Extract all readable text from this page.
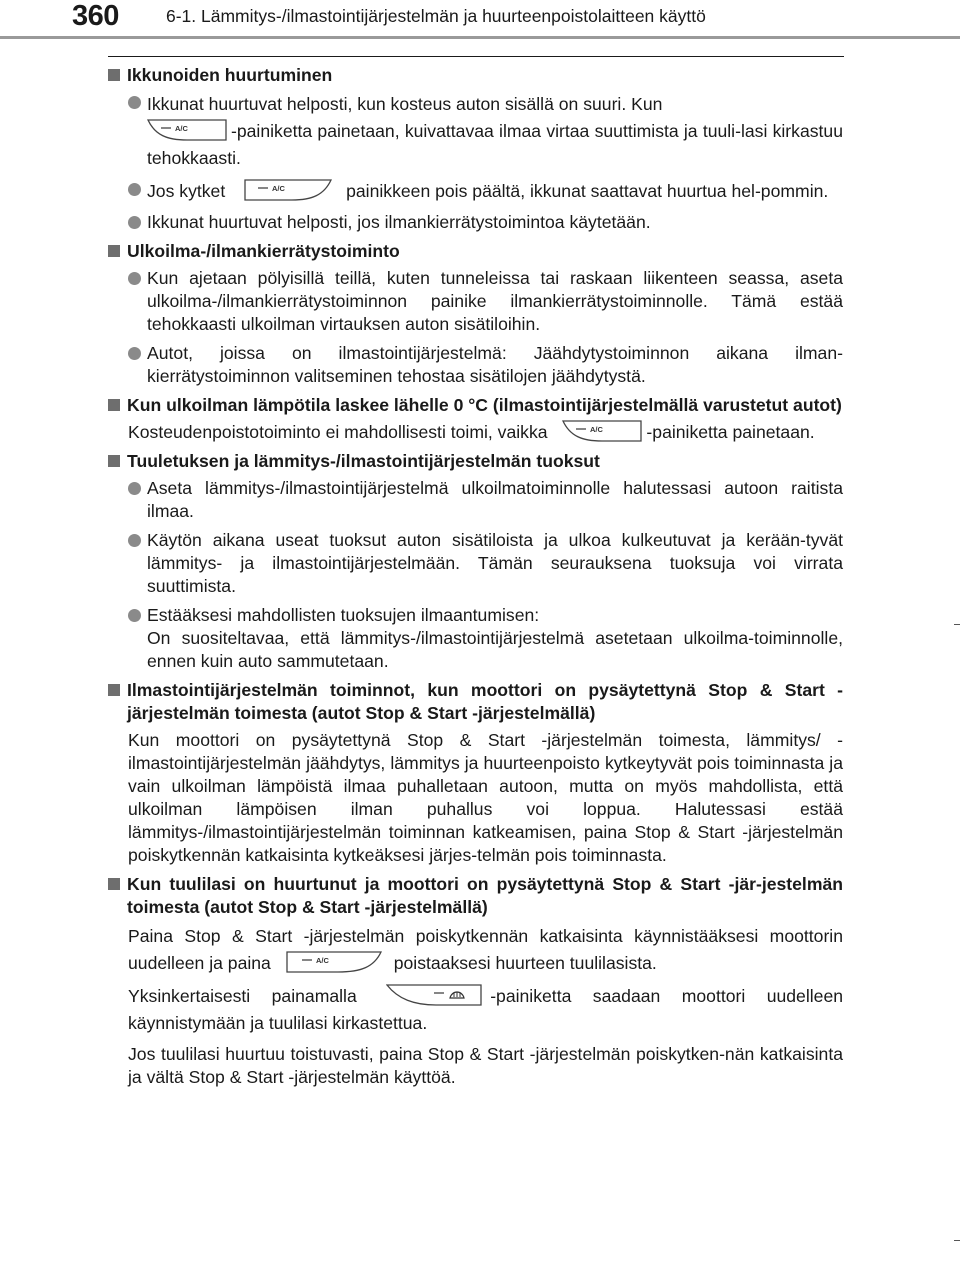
360	6-1. Lämmitys-/ilmastointijärjestelmän ja huurteenpoistolaitteen käyttö
Ikkunoiden huurtuminen
Ikkunat huurtuvat helposti, kun kosteus auton sisällä on suuri. Kun

A/C -painiketta painetaan, kuivattavaa ilmaa virtaa suuttimista ja tuuli-lasi kirkastuu tehokkaasti.
Jos kytket	A/C	painikkeen pois päältä, ikkunat saattavat huurtua hel-pommin.
Ikkunat huurtuvat helposti, jos ilmankierrätystoimintoa käytetään.
Ulkoilma-/ilmankierrätystoiminto
Kun ajetaan pölyisillä teillä, kuten tunneleissa tai raskaan liikenteen seassa, aseta ulkoilma-/ilmankierrätystoiminnon painike ilmankierrätystoiminnolle. Tämä estää tehokkaasti ulkoilman virtauksen auton sisätiloihin.
Autot, joissa on ilmastointijärjestelmä: Jäähdytystoiminnon aikana ilman-kierrätystoiminnon valitseminen tehostaa sisätilojen jäähdytystä.
Kun ulkoilman lämpötila laskee lähelle 0 °C (ilmastointijärjestelmällä varustetut autot)
Kosteudenpoistotoiminto ei mahdollisesti toimi, vaikka	A/C -painiketta painetaan.
Tuuletuksen ja lämmitys-/ilmastointijärjestelmän tuoksut
Aseta lämmitys-/ilmastointijärjestelmä ulkoilmatoiminnolle halutessasi autoon raitista ilmaa.
Käytön aikana useat tuoksut auton sisätiloista ja ulkoa kulkeutuvat ja kerään-tyvät lämmitys- ja ilmastointijärjestelmään. Tämän seurauksena tuoksuja voi virrata suuttimista.
Estääksesi mahdollisten tuoksujen ilmaantumisen:
On suositeltavaa, että lämmitys-/ilmastointijärjestelmä asetetaan ulkoilma-toiminnolle, ennen kuin auto sammutetaan.
Ilmastointijärjestelmän toiminnot, kun moottori on pysäytettynä Stop & Start -järjestelmän toimesta (autot Stop & Start -järjestelmällä)
Kun moottori on pysäytettynä Stop & Start -järjestelmän toimesta, lämmitys/ -ilmastointijärjestelmän jäähdytys, lämmitys ja huurteenpoisto kytkeytyvät pois toiminnasta ja vain ulkoilman lämpöistä ilmaa puhalletaan autoon, mutta on myös mahdollista, että ulkoilman lämpöisen ilman puhallus voi loppua. Halutessasi estää lämmitys-/ilmastointijärjestelmän toiminnan katkeamisen, paina Stop & Start -järjestelmän poiskytkennän katkaisinta kytkeäksesi järjes-telmän pois toiminnasta.
Kun tuulilasi on huurtunut ja moottori on pysäytettynä Stop & Start -jär-jestelmän toimesta (autot Stop & Start -järjestelmällä)
Paina Stop & Start -järjestelmän poiskytkennän katkaisinta käynnistääksesi moottorin uudelleen ja paina	A/C	poistaaksesi huurteen tuulilasista.
Yksinkertaisesti painamalla	-painiketta saadaan moottori uudelleen käynnistymään ja tuulilasi kirkastettua.
Jos tuulilasi huurtuu toistuvasti, paina Stop & Start -järjestelmän poiskytken-nän katkaisinta ja vältä Stop & Start -järjestelmän käyttöä.
